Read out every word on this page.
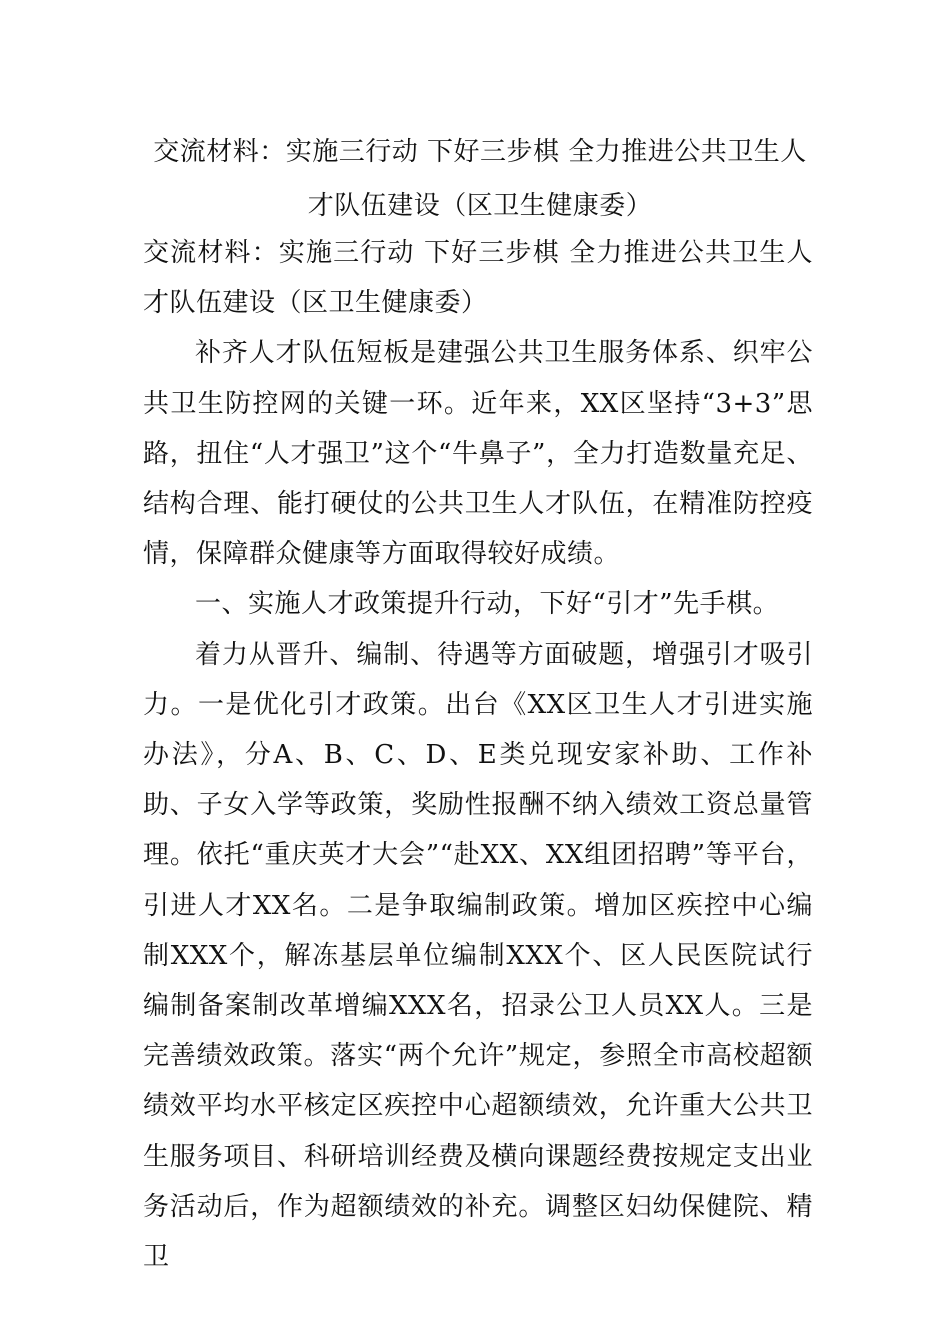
交流材料：实施三行动 下好三步棋 全力推进公共卫生人才队伍建设（区卫生健康委）

交流材料：实施三行动 下好三步棋 全力推进公共卫生人才队伍建设（区卫生健康委）

补齐人才队伍短板是建强公共卫生服务体系、织牢公共卫生防控网的关键一环。近年来，XX区坚持“3+3”思路，扭住“人才强卫”这个“牛鼻子”，全力打造数量充足、结构合理、能打硬仗的公共卫生人才队伍，在精准防控疫情，保障群众健康等方面取得较好成绩。

一、实施人才政策提升行动，下好“引才”先手棋。

着力从晋升、编制、待遇等方面破题，增强引才吸引力。一是优化引才政策。出台《XX区卫生人才引进实施办法》，分A、B、C、D、E类兑现安家补助、工作补助、子女入学等政策，奖励性报酬不纳入绩效工资总量管理。依托“重庆英才大会”“赴XX、XX组团招聘”等平台，引进人才XX名。二是争取编制政策。增加区疾控中心编制XXX个，解冻基层单位编制XXX个、区人民医院试行编制备案制改革增编XXX名，招录公卫人员XX人。三是完善绩效政策。落实“两个允许”规定，参照全市高校超额绩效平均水平核定区疾控中心超额绩效，允许重大公共卫生服务项目、科研培训经费及横向课题经费按规定支出业务活动后，作为超额绩效的补充。调整区妇幼保健院、精卫
